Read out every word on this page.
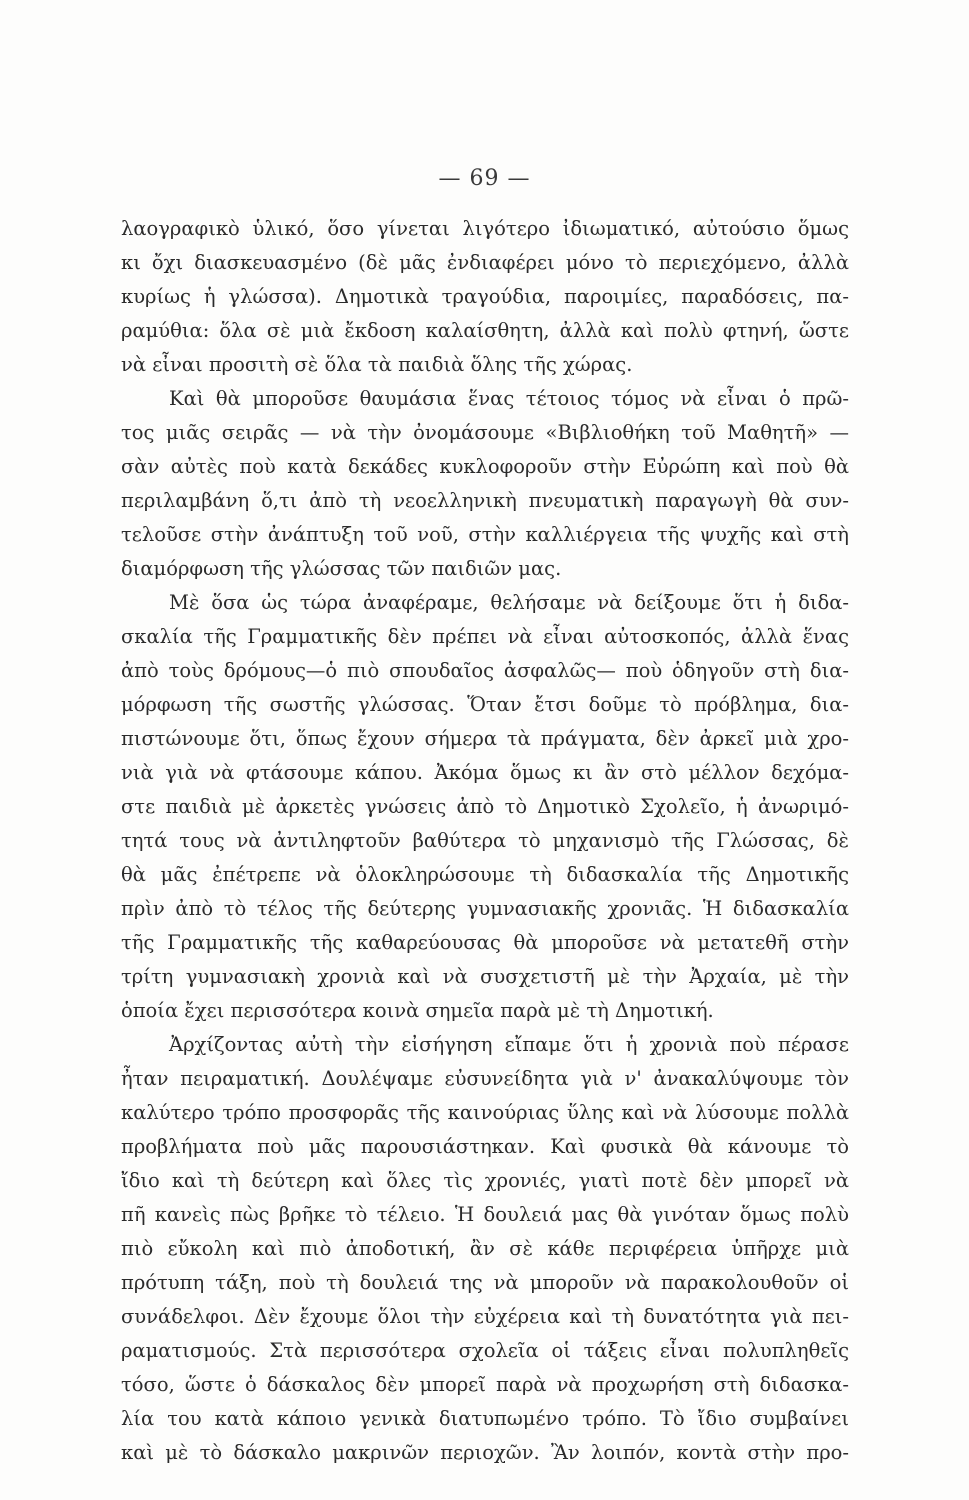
— 69 —
λαογραφικὸ ὑλικό, ὅσο γίνεται λιγότερο ἰδιωματικό, αὐτούσιο ὅμως
κι ὄχι διασκευασμένο (δὲ μᾶς ἐνδιαφέρει μόνο τὸ περιεχόμενο, ἀλλὰ
κυρίως ἡ γλώσσα). Δημοτικὰ τραγούδια, παροιμίες, παραδόσεις, πα-
ραμύθια: ὅλα σὲ μιὰ ἔκδοση καλαίσθητη, ἀλλὰ καὶ πολὺ φτηνή, ὥστε
νὰ εἶναι προσιτὴ σὲ ὅλα τὰ παιδιὰ ὅλης τῆς χώρας.
Καὶ θὰ μποροῦσε θαυμάσια ἕνας τέτοιος τόμος νὰ εἶναι ὁ πρῶ-
τος μιᾶς σειρᾶς — νὰ τὴν ὀνομάσουμε «Βιβλιοθήκη τοῦ Μαθητῆ» —
σὰν αὐτὲς ποὺ κατὰ δεκάδες κυκλοφοροῦν στὴν Εὐρώπη καὶ ποὺ θὰ
περιλαμβάνη ὅ,τι ἀπὸ τὴ νεοελληνικὴ πνευματικὴ παραγωγὴ θὰ συν-
τελοῦσε στὴν ἀνάπτυξη τοῦ νοῦ, στὴν καλλιέργεια τῆς ψυχῆς καὶ στὴ
διαμόρφωση τῆς γλώσσας τῶν παιδιῶν μας.
Μὲ ὅσα ὡς τώρα ἀναφέραμε, θελήσαμε νὰ δείξουμε ὅτι ἡ διδα-
σκαλία τῆς Γραμματικῆς δὲν πρέπει νὰ εἶναι αὐτοσκοπός, ἀλλὰ ἕνας
ἀπὸ τοὺς δρόμους—ὁ πιὸ σπουδαῖος ἀσφαλῶς— ποὺ ὁδηγοῦν στὴ δια-
μόρφωση τῆς σωστῆς γλώσσας. Ὅταν ἔτσι δοῦμε τὸ πρόβλημα, δια-
πιστώνουμε ὅτι, ὅπως ἔχουν σήμερα τὰ πράγματα, δὲν ἀρκεῖ μιὰ χρο-
νιὰ γιὰ νὰ φτάσουμε κάπου. Ἀκόμα ὅμως κι ἂν στὸ μέλλον δεχόμα-
στε παιδιὰ μὲ ἀρκετὲς γνώσεις ἀπὸ τὸ Δημοτικὸ Σχολεῖο, ἡ ἀνωριμό-
τητά τους νὰ ἀντιληφτοῦν βαθύτερα τὸ μηχανισμὸ τῆς Γλώσσας, δὲ
θὰ μᾶς ἐπέτρεπε νὰ ὁλοκληρώσουμε τὴ διδασκαλία τῆς Δημοτικῆς
πρὶν ἀπὸ τὸ τέλος τῆς δεύτερης γυμνασιακῆς χρονιᾶς. Ἡ διδασκαλία
τῆς Γραμματικῆς τῆς καθαρεύουσας θὰ μποροῦσε νὰ μετατεθῆ στὴν
τρίτη γυμνασιακὴ χρονιὰ καὶ νὰ συσχετιστῆ μὲ τὴν Ἀρχαία, μὲ τὴν
ὁποία ἔχει περισσότερα κοινὰ σημεῖα παρὰ μὲ τὴ Δημοτική.
Ἀρχίζοντας αὐτὴ τὴν εἰσήγηση εἴπαμε ὅτι ἡ χρονιὰ ποὺ πέρασε
ἦταν πειραματική. Δουλέψαμε εὐσυνείδητα γιὰ ν' ἀνακαλύψουμε τὸν
καλύτερο τρόπο προσφορᾶς τῆς καινούριας ὕλης καὶ νὰ λύσουμε πολλὰ
προβλήματα ποὺ μᾶς παρουσιάστηκαν. Καὶ φυσικὰ θὰ κάνουμε τὸ
ἴδιο καὶ τὴ δεύτερη καὶ ὅλες τὶς χρονιές, γιατὶ ποτὲ δὲν μπορεῖ νὰ
πῆ κανεὶς πὼς βρῆκε τὸ τέλειο. Ἡ δουλειά μας θὰ γινόταν ὅμως πολὺ
πιὸ εὔκολη καὶ πιὸ ἀποδοτική, ἂν σὲ κάθε περιφέρεια ὑπῆρχε μιὰ
πρότυπη τάξη, ποὺ τὴ δουλειά της νὰ μποροῦν νὰ παρακολουθοῦν οἱ
συνάδελφοι. Δὲν ἔχουμε ὅλοι τὴν εὐχέρεια καὶ τὴ δυνατότητα γιὰ πει-
ραματισμούς. Στὰ περισσότερα σχολεῖα οἱ τάξεις εἶναι πολυπληθεῖς
τόσο, ὥστε ὁ δάσκαλος δὲν μπορεῖ παρὰ νὰ προχωρήση στὴ διδασκα-
λία του κατὰ κάποιο γενικὰ διατυπωμένο τρόπο. Τὸ ἴδιο συμβαίνει
καὶ μὲ τὸ δάσκαλο μακρινῶν περιοχῶν. Ἂν λοιπόν, κοντὰ στὴν προ-
